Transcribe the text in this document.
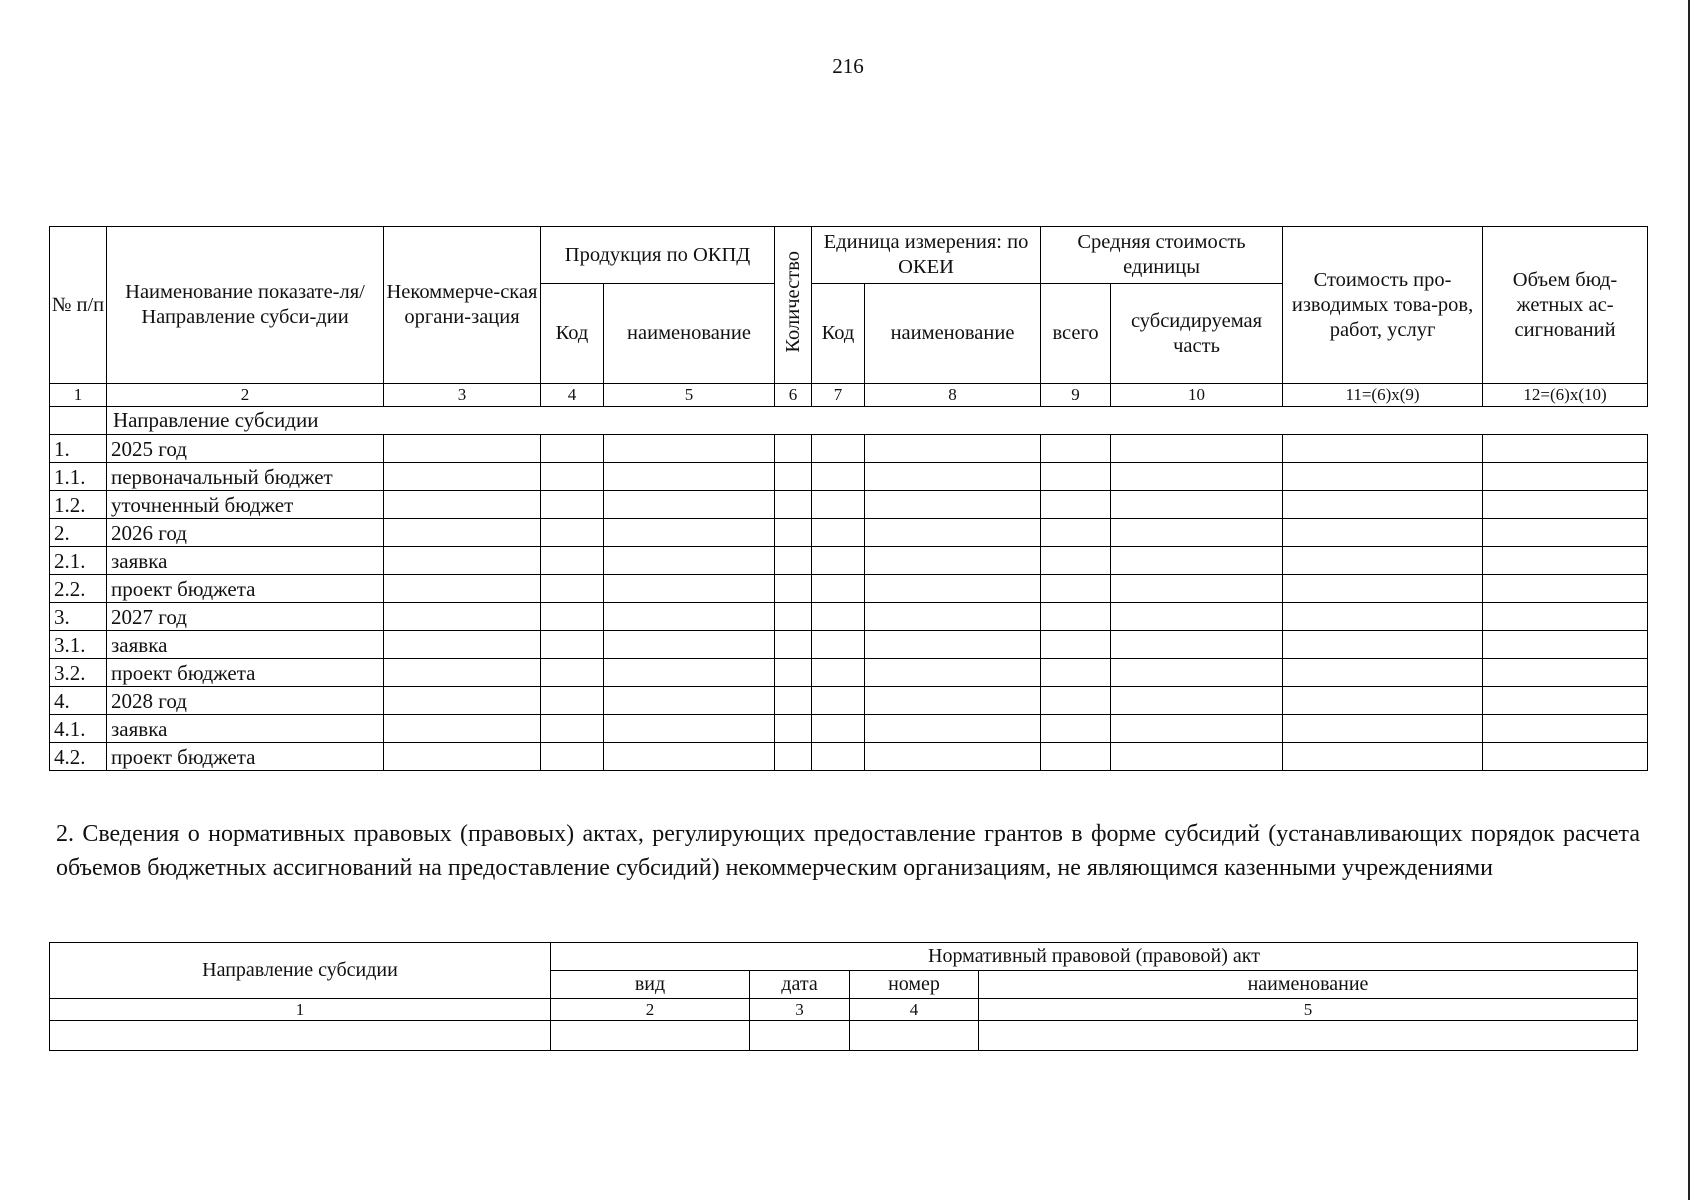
216
№ п/п	Наименование показате-ля/ Направление субси-дии	Некоммерче-ская органи-зация	Продукция по ОКПД		Количество	Единица измерения: по ОКЕИ		Средняя стоимость единицы		Стоимость про-изводимых това-ров, работ, услуг	Объем бюд-жетных ас-сигнований
			Код	наименование		Код	наименование	всего	субсидируемая часть		
1	2	3	4	5	6	7	8	9	10	11=(6)х(9)	12=(6)х(10)
	Направление субсидии										
1.	2025 год										
1.1.	первоначальный бюджет										
1.2.	уточненный бюджет										
2.	2026 год										
2.1.	заявка										
2.2.	проект бюджета										
3.	2027 год										
3.1.	заявка										
3.2.	проект бюджета										
4.	2028 год										
4.1.	заявка										
4.2.	проект бюджета										
2. Сведения о нормативных правовых (правовых) актах, регулирующих предоставление грантов в форме субсидий (устанавливающих порядок расчета объемов бюджетных ассигнований на предоставление субсидий) некоммерческим организациям, не являющимся казенными учреждениями
Направление субсидии	Нормативный правовой (правовой) акт			
	вид	дата	номер	наименование
1	2	3	4	5
